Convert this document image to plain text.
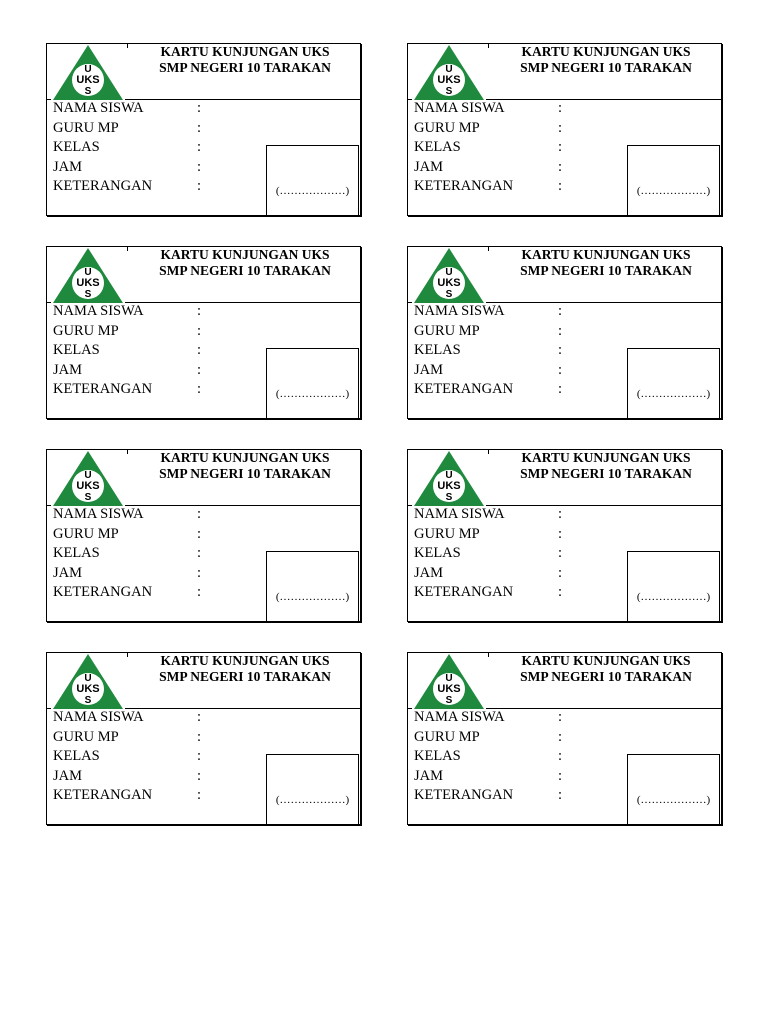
U
UKS
S
KARTU KUNJUNGAN UKS
SMP NEGERI 10 TARAKAN
NAMA SISWA	:
GURU MP	:
KELAS	:
JAM	:
KETERANGAN	:	(………………)
U
UKS
S
KARTU KUNJUNGAN UKS
SMP NEGERI 10 TARAKAN
NAMA SISWA	:
GURU MP	:
KELAS	:
JAM	:
KETERANGAN	:	(………………)
U
UKS
S
KARTU KUNJUNGAN UKS
SMP NEGERI 10 TARAKAN
NAMA SISWA	:
GURU MP	:
KELAS	:
JAM	:
KETERANGAN	:	(………………)
U
UKS
S
KARTU KUNJUNGAN UKS
SMP NEGERI 10 TARAKAN
NAMA SISWA	:
GURU MP	:
KELAS	:
JAM	:
KETERANGAN	:	(………………)
U
UKS
S
KARTU KUNJUNGAN UKS
SMP NEGERI 10 TARAKAN
NAMA SISWA	:
GURU MP	:
KELAS	:
JAM	:
KETERANGAN	:	(………………)
U
UKS
S
KARTU KUNJUNGAN UKS
SMP NEGERI 10 TARAKAN
NAMA SISWA	:
GURU MP	:
KELAS	:
JAM	:
KETERANGAN	:	(………………)
U
UKS
S
KARTU KUNJUNGAN UKS
SMP NEGERI 10 TARAKAN
NAMA SISWA	:
GURU MP	:
KELAS	:
JAM	:
KETERANGAN	:	(………………)
U
UKS
S
KARTU KUNJUNGAN UKS
SMP NEGERI 10 TARAKAN
NAMA SISWA	:
GURU MP	:
KELAS	:
JAM	:
KETERANGAN	:	(………………)
